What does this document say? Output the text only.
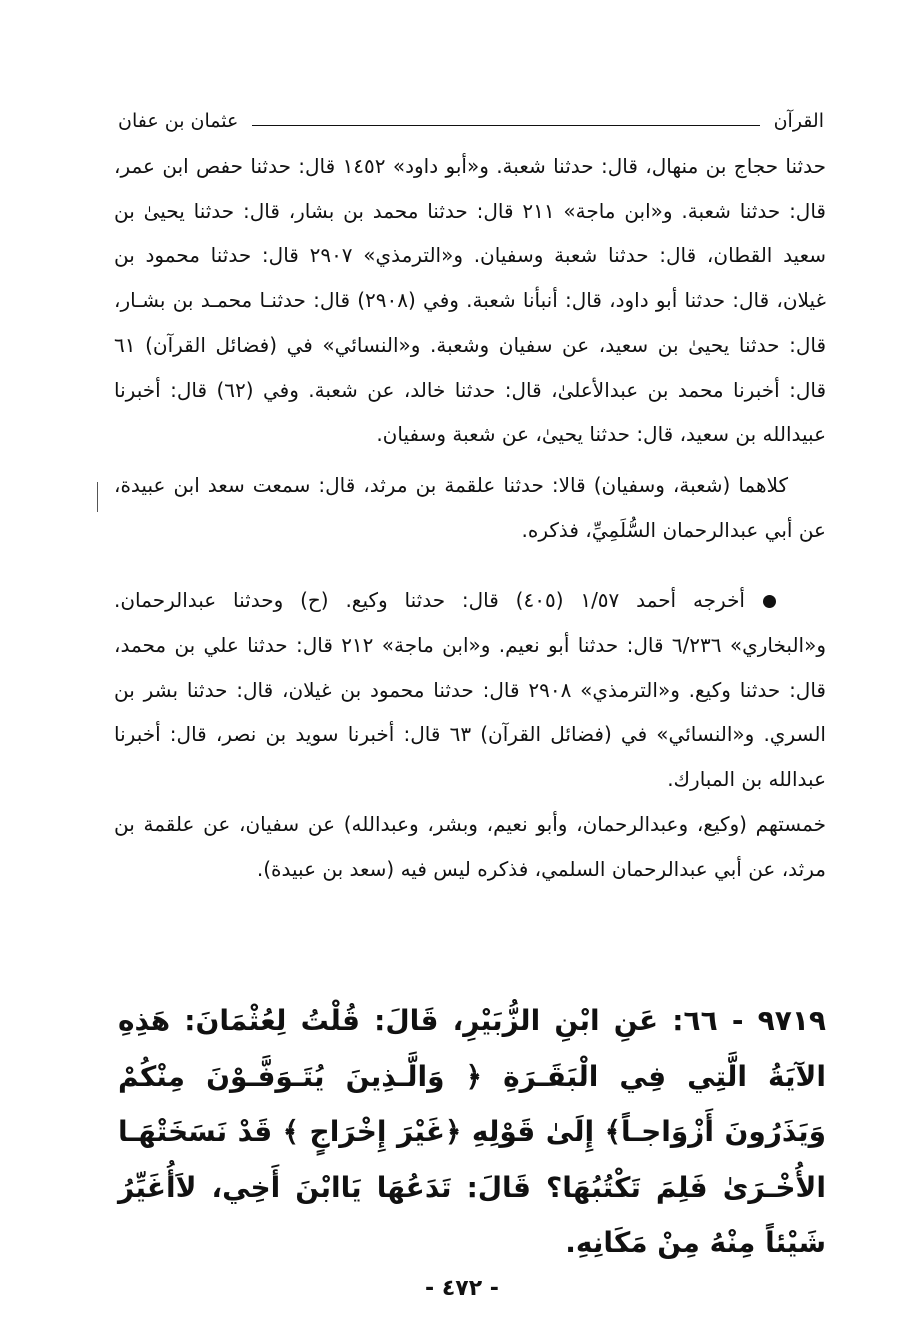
القرآن
عثمان بن عفان

حدثنا حجاج بن منهال، قال: حدثنا شعبة. و«أبو داود» ١٤٥٢ قال: حدثنا حفص ابن عمر، قال: حدثنا شعبة. و«ابن ماجة» ٢١١ قال: حدثنا محمد بن بشار، قال: حدثنا يحيىٰ بن سعيد القطان، قال: حدثنا شعبة وسفيان. و«الترمذي» ٢٩٠٧ قال: حدثنا محمود بن غيلان، قال: حدثنا أبو داود، قال: أنبأنا شعبة. وفي (٢٩٠٨) قال: حدثنـا محمـد بن بشـار، قال: حدثنا يحيىٰ بن سعيد، عن سفيان وشعبة. و«النسائي» في (فضائل القرآن) ٦١ قال: أخبرنا محمد بن عبدالأعلىٰ، قال: حدثنا خالد، عن شعبة. وفي (٦٢) قال: أخبرنا عبيدالله بن سعيد، قال: حدثنا يحيىٰ، عن شعبة وسفيان.

كلاهما (شعبة، وسفيان) قالا: حدثنا علقمة بن مرثد، قال: سمعت سعد ابن عبيدة، عن أبي عبدالرحمان السُّلَمِيِّ، فذكره.

أخرجه أحمد ١/٥٧ (٤٠٥) قال: حدثنا وكيع. (ح) وحدثنا عبدالرحمان. و«البخاري» ٦/٢٣٦ قال: حدثنا أبو نعيم. و«ابن ماجة» ٢١٢ قال: حدثنا علي بن محمد، قال: حدثنا وكيع. و«الترمذي» ٢٩٠٨ قال: حدثنا محمود بن غيلان، قال: حدثنا بشر بن السري. و«النسائي» في (فضائل القرآن) ٦٣ قال: أخبرنا سويد بن نصر، قال: أخبرنا عبدالله بن المبارك.

خمستهم (وكيع، وعبدالرحمان، وأبو نعيم، وبشر، وعبدالله) عن سفيان، عن علقمة بن مرثد، عن أبي عبدالرحمان السلمي، فذكره ليس فيه (سعد بن عبيدة).

٩٧١٩ - ٦٦: عَنِ ابْنِ الزُّبَيْرِ، قَالَ: قُلْتُ لِعُثْمَانَ: هَذِهِ الآيَةُ الَّتِي فِي الْبَقَـرَةِ ﴿ وَالَّـذِينَ يُتَـوَفَّـوْنَ مِنْكُمْ وَيَذَرُونَ أَزْوَاجـاً﴾ إِلَىٰ قَوْلِهِ ﴿غَيْرَ إِخْرَاجٍ ﴾ قَدْ نَسَخَتْهَـا الأُخْـرَىٰ فَلِمَ تَكْتُبُهَا؟ قَالَ: تَدَعُهَا يَاابْنَ أَخِي، لاَأُغَيِّرُ شَيْئاً مِنْهُ مِنْ مَكَانِهِ.
- ٤٧٢ -
